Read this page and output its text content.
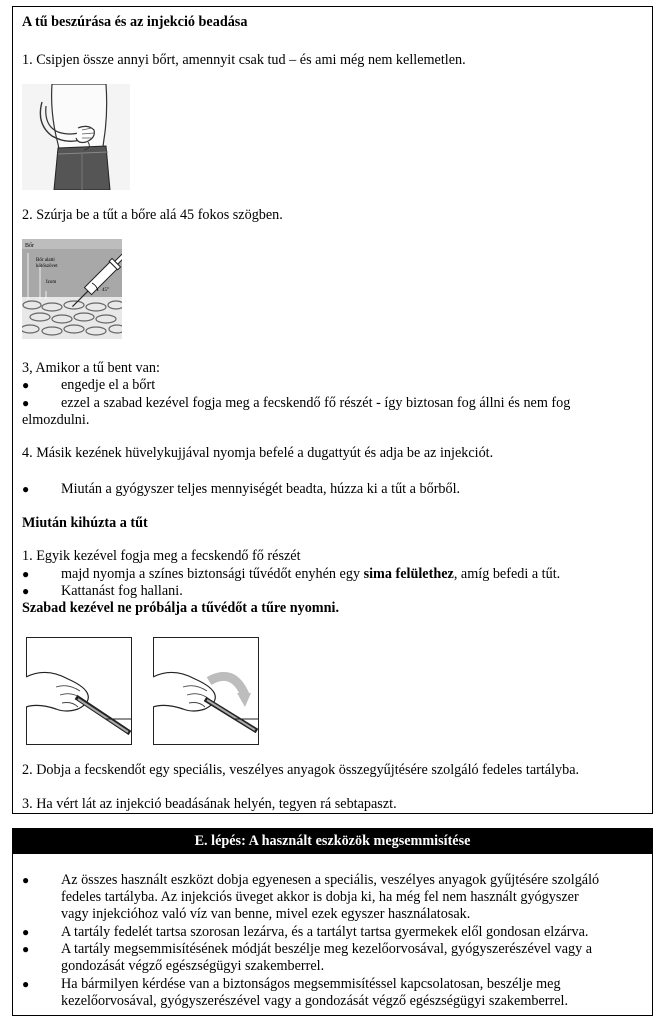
A tű beszúrása és az injekció beadása
1. Csipjen össze annyi bőrt, amennyit csak tud – és ami még nem kellemetlen.
2. Szúrja be a tűt a bőre alá 45 fokos szögben.
Bőr
Bőr alatti
kötőszövet
Izom
45°
3, Amikor a tű bent van:
● engedje el a bőrt
● ezzel a szabad kezével fogja meg a fecskendő fő részét - így biztosan fog állni és nem fog
elmozdulni.
4. Másik kezének hüvelykujjával nyomja befelé a dugattyút és adja be az injekciót.
● Miután a gyógyszer teljes mennyiségét beadta, húzza ki a tűt a bőrből.
Miután kihúzta a tűt
1. Egyik kezével fogja meg a fecskendő fő részét
● majd nyomja a színes biztonsági tűvédőt enyhén egy sima felülethez, amíg befedi a tűt.
● Kattanást fog hallani.
Szabad kezével ne próbálja a tűvédőt a tűre nyomni.
2. Dobja a fecskendőt egy speciális, veszélyes anyagok összegyűjtésére szolgáló fedeles tartályba.
3. Ha vért lát az injekció beadásának helyén, tegyen rá sebtapaszt.
E. lépés: A használt eszközök megsemmisítése
● Az összes használt eszközt dobja egyenesen a speciális, veszélyes anyagok gyűjtésére szolgáló
fedeles tartályba. Az injekciós üveget akkor is dobja ki, ha még fel nem használt gyógyszer
vagy injekcióhoz való víz van benne, mivel ezek egyszer használatosak.
● A tartály fedelét tartsa szorosan lezárva, és a tartályt tartsa gyermekek elől gondosan elzárva.
● A tartály megsemmisítésének módját beszélje meg kezelőorvosával, gyógyszerészével vagy a
gondozását végző egészségügyi szakemberrel.
● Ha bármilyen kérdése van a biztonságos megsemmisítéssel kapcsolatosan, beszélje meg
kezelőorvosával, gyógyszerészével vagy a gondozását végző egészségügyi szakemberrel.
